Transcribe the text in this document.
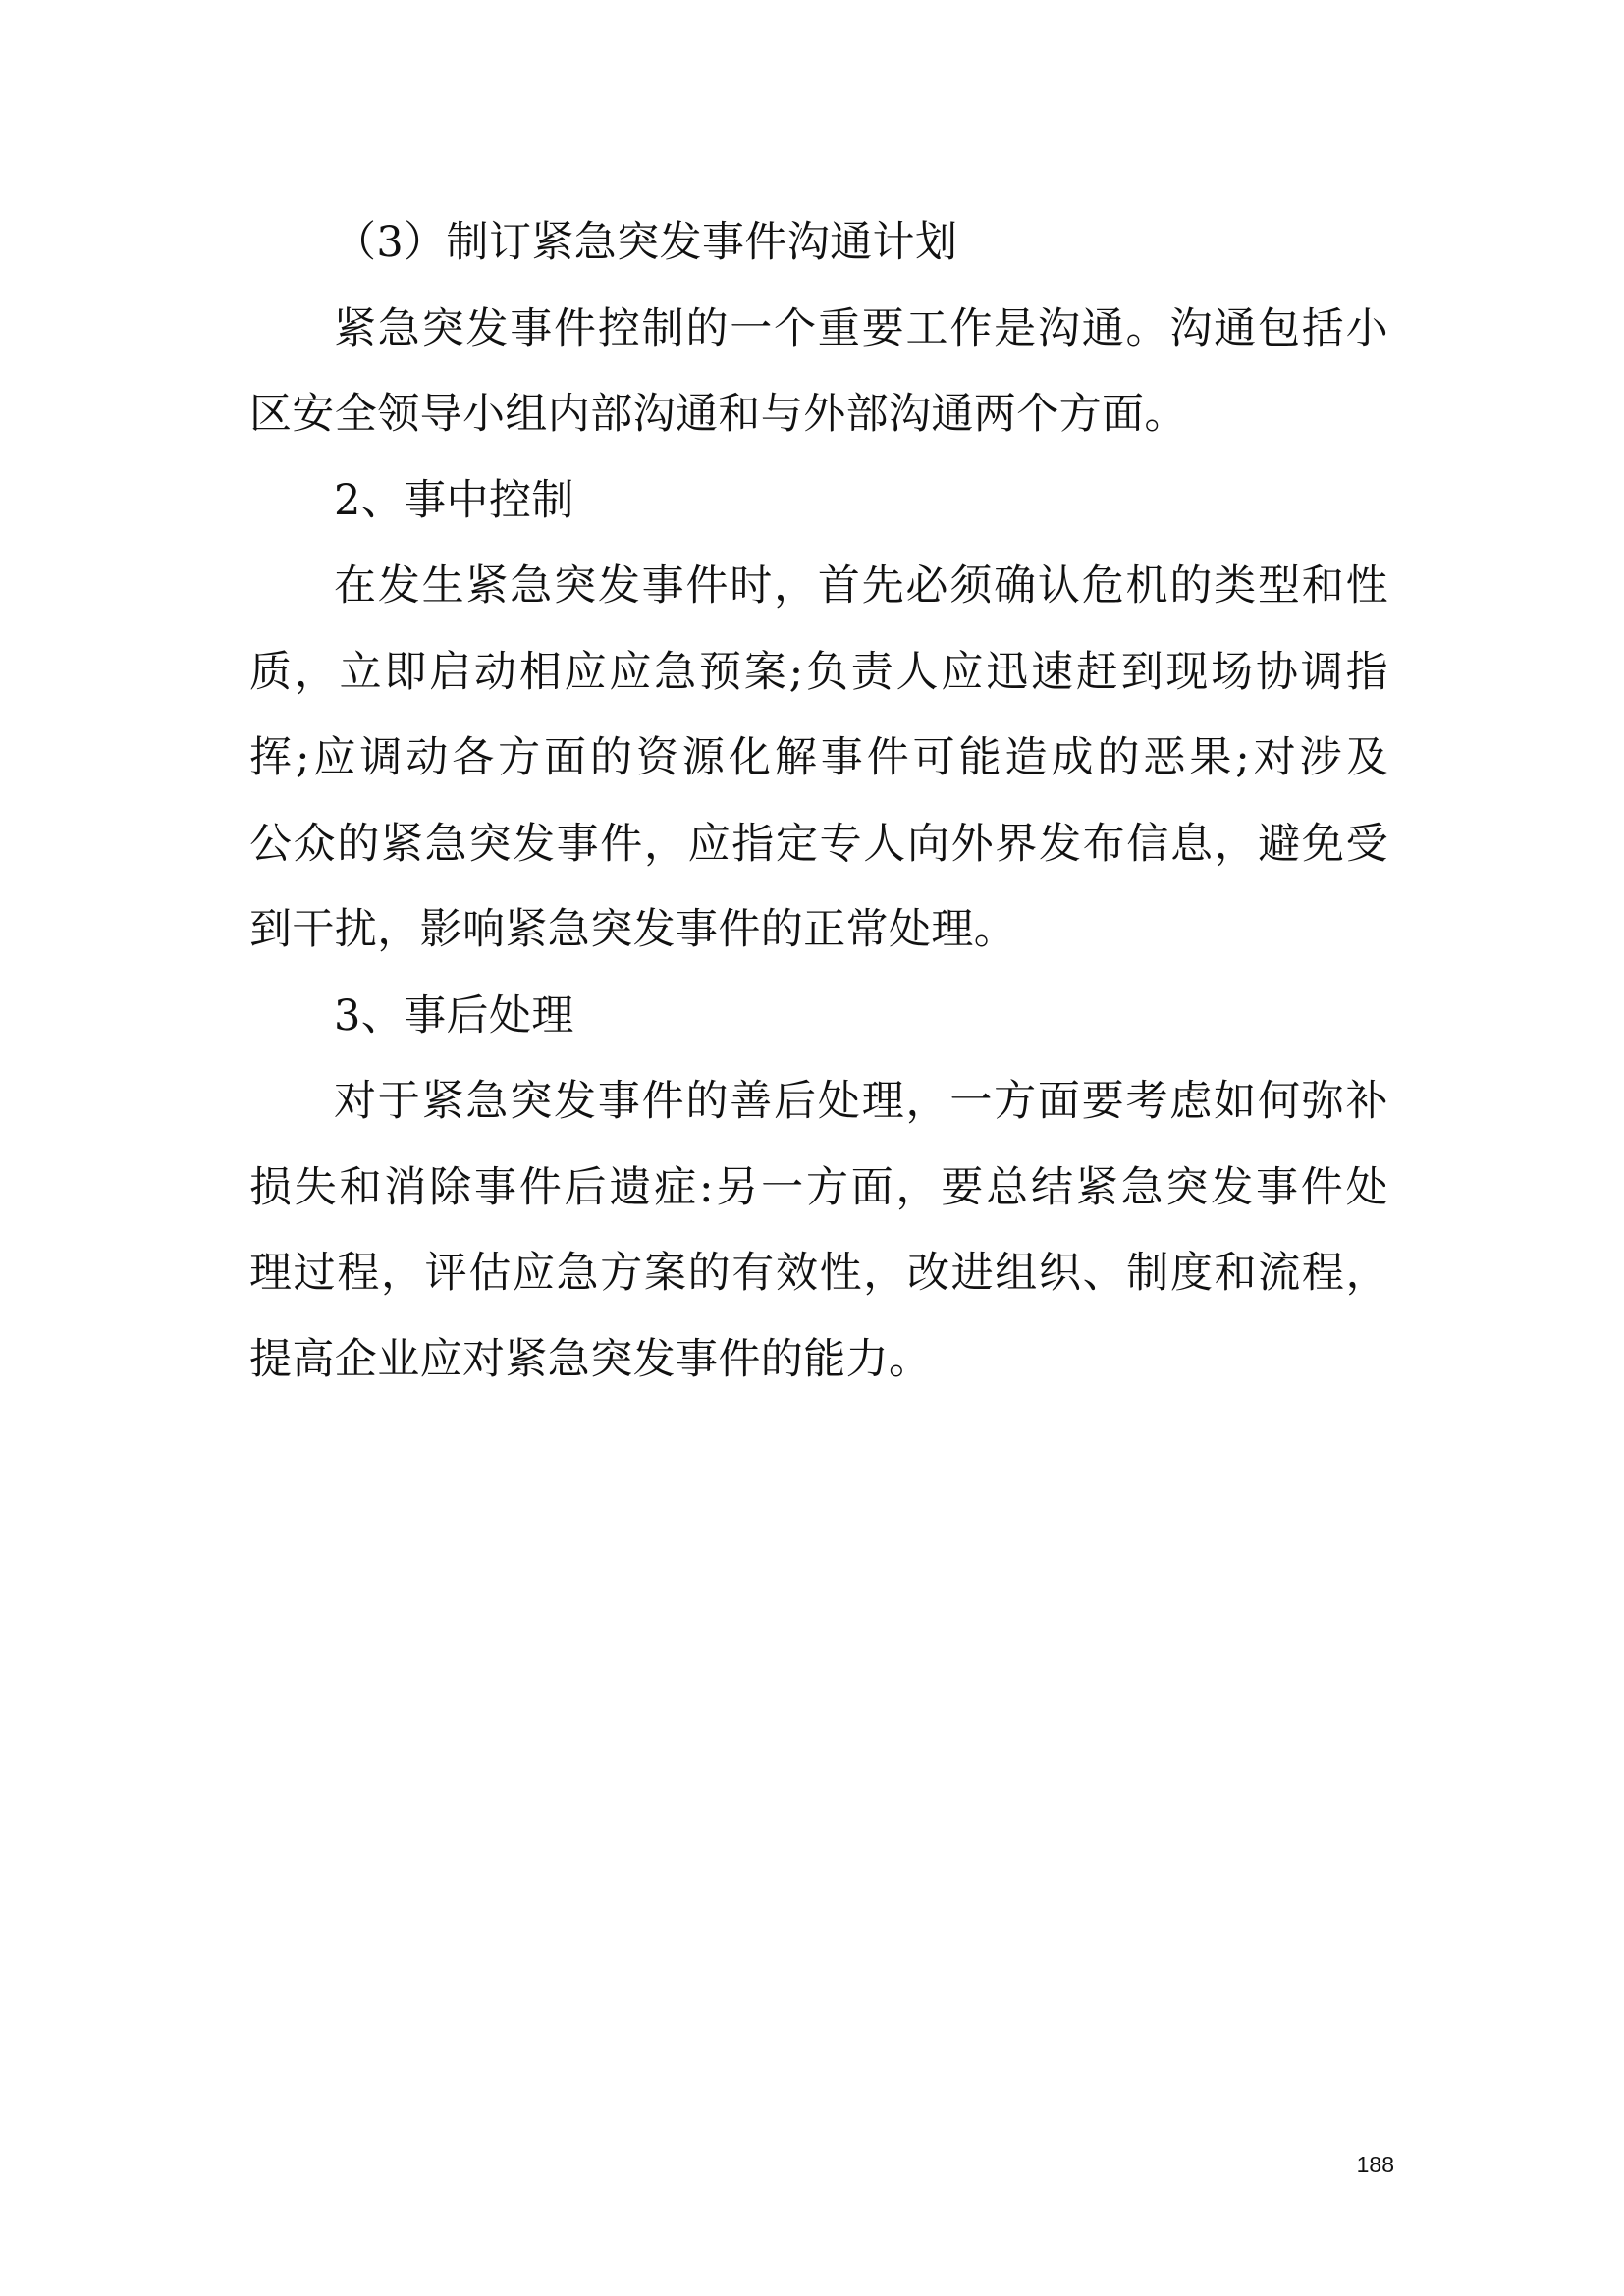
（3）制订紧急突发事件沟通计划
紧急突发事件控制的一个重要工作是沟通。沟通包括小
区安全领导小组内部沟通和与外部沟通两个方面。
2、事中控制
在发生紧急突发事件时，首先必须确认危机的类型和性
质，立即启动相应应急预案;负责人应迅速赶到现场协调指
挥;应调动各方面的资源化解事件可能造成的恶果;对涉及
公众的紧急突发事件，应指定专人向外界发布信息，避免受
到干扰，影响紧急突发事件的正常处理。
3、事后处理
对于紧急突发事件的善后处理，一方面要考虑如何弥补
损失和消除事件后遗症:另一方面，要总结紧急突发事件处
理过程，评估应急方案的有效性，改进组织、制度和流程，
提高企业应对紧急突发事件的能力。
188
